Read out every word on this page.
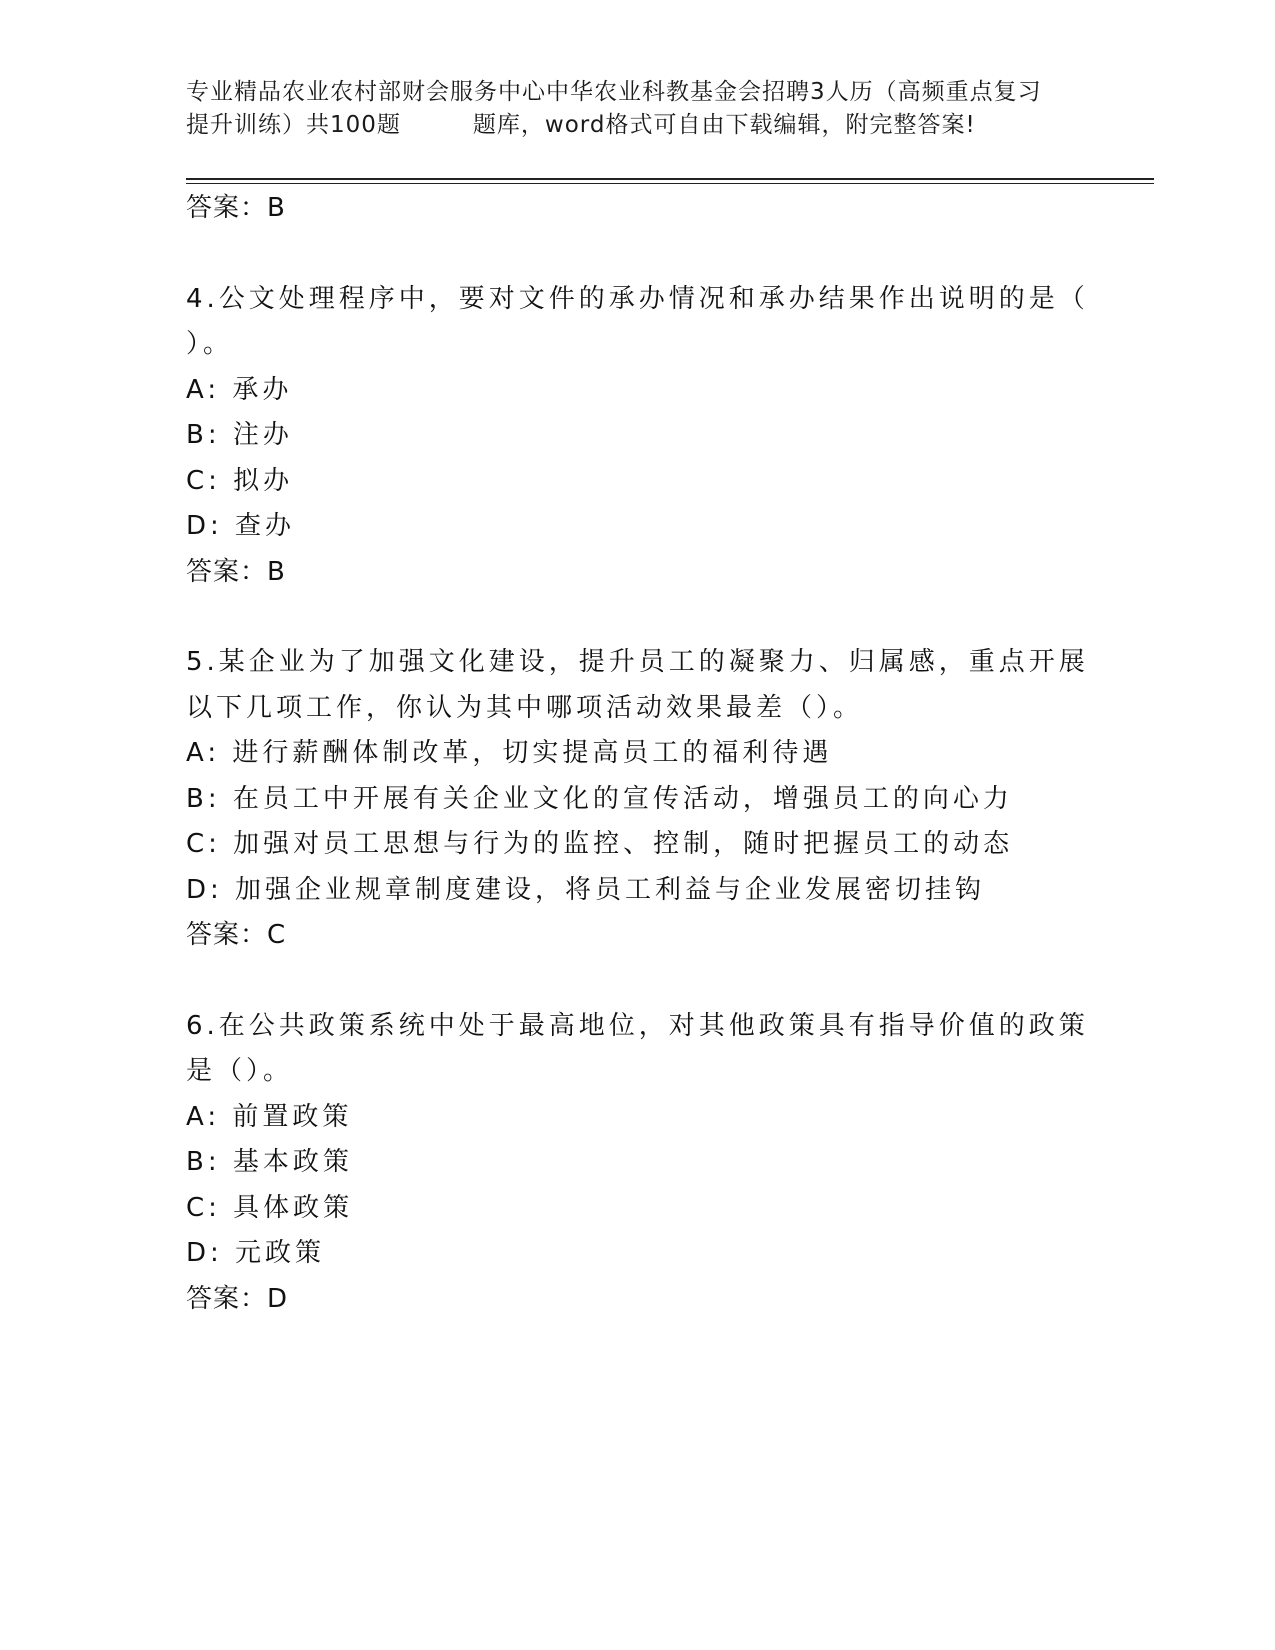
专业精品农业农村部财会服务中心中华农业科教基金会招聘3人历（高频重点复习
提升训练）共100题	题库，word格式可自由下载编辑，附完整答案!
答案：B
4.公文处理程序中，要对文件的承办情况和承办结果作出说明的是（
）。
A: 承办
B: 注办
C: 拟办
D: 查办
答案：B
5.某企业为了加强文化建设，提升员工的凝聚力、归属感，重点开展
以下几项工作，你认为其中哪项活动效果最差（）。
A: 进行薪酬体制改革，切实提高员工的福利待遇
B: 在员工中开展有关企业文化的宣传活动，增强员工的向心力
C: 加强对员工思想与行为的监控、控制，随时把握员工的动态
D: 加强企业规章制度建设，将员工利益与企业发展密切挂钩
答案：C
6.在公共政策系统中处于最高地位，对其他政策具有指导价值的政策
是（）。
A: 前置政策
B: 基本政策
C: 具体政策
D: 元政策
答案：D
